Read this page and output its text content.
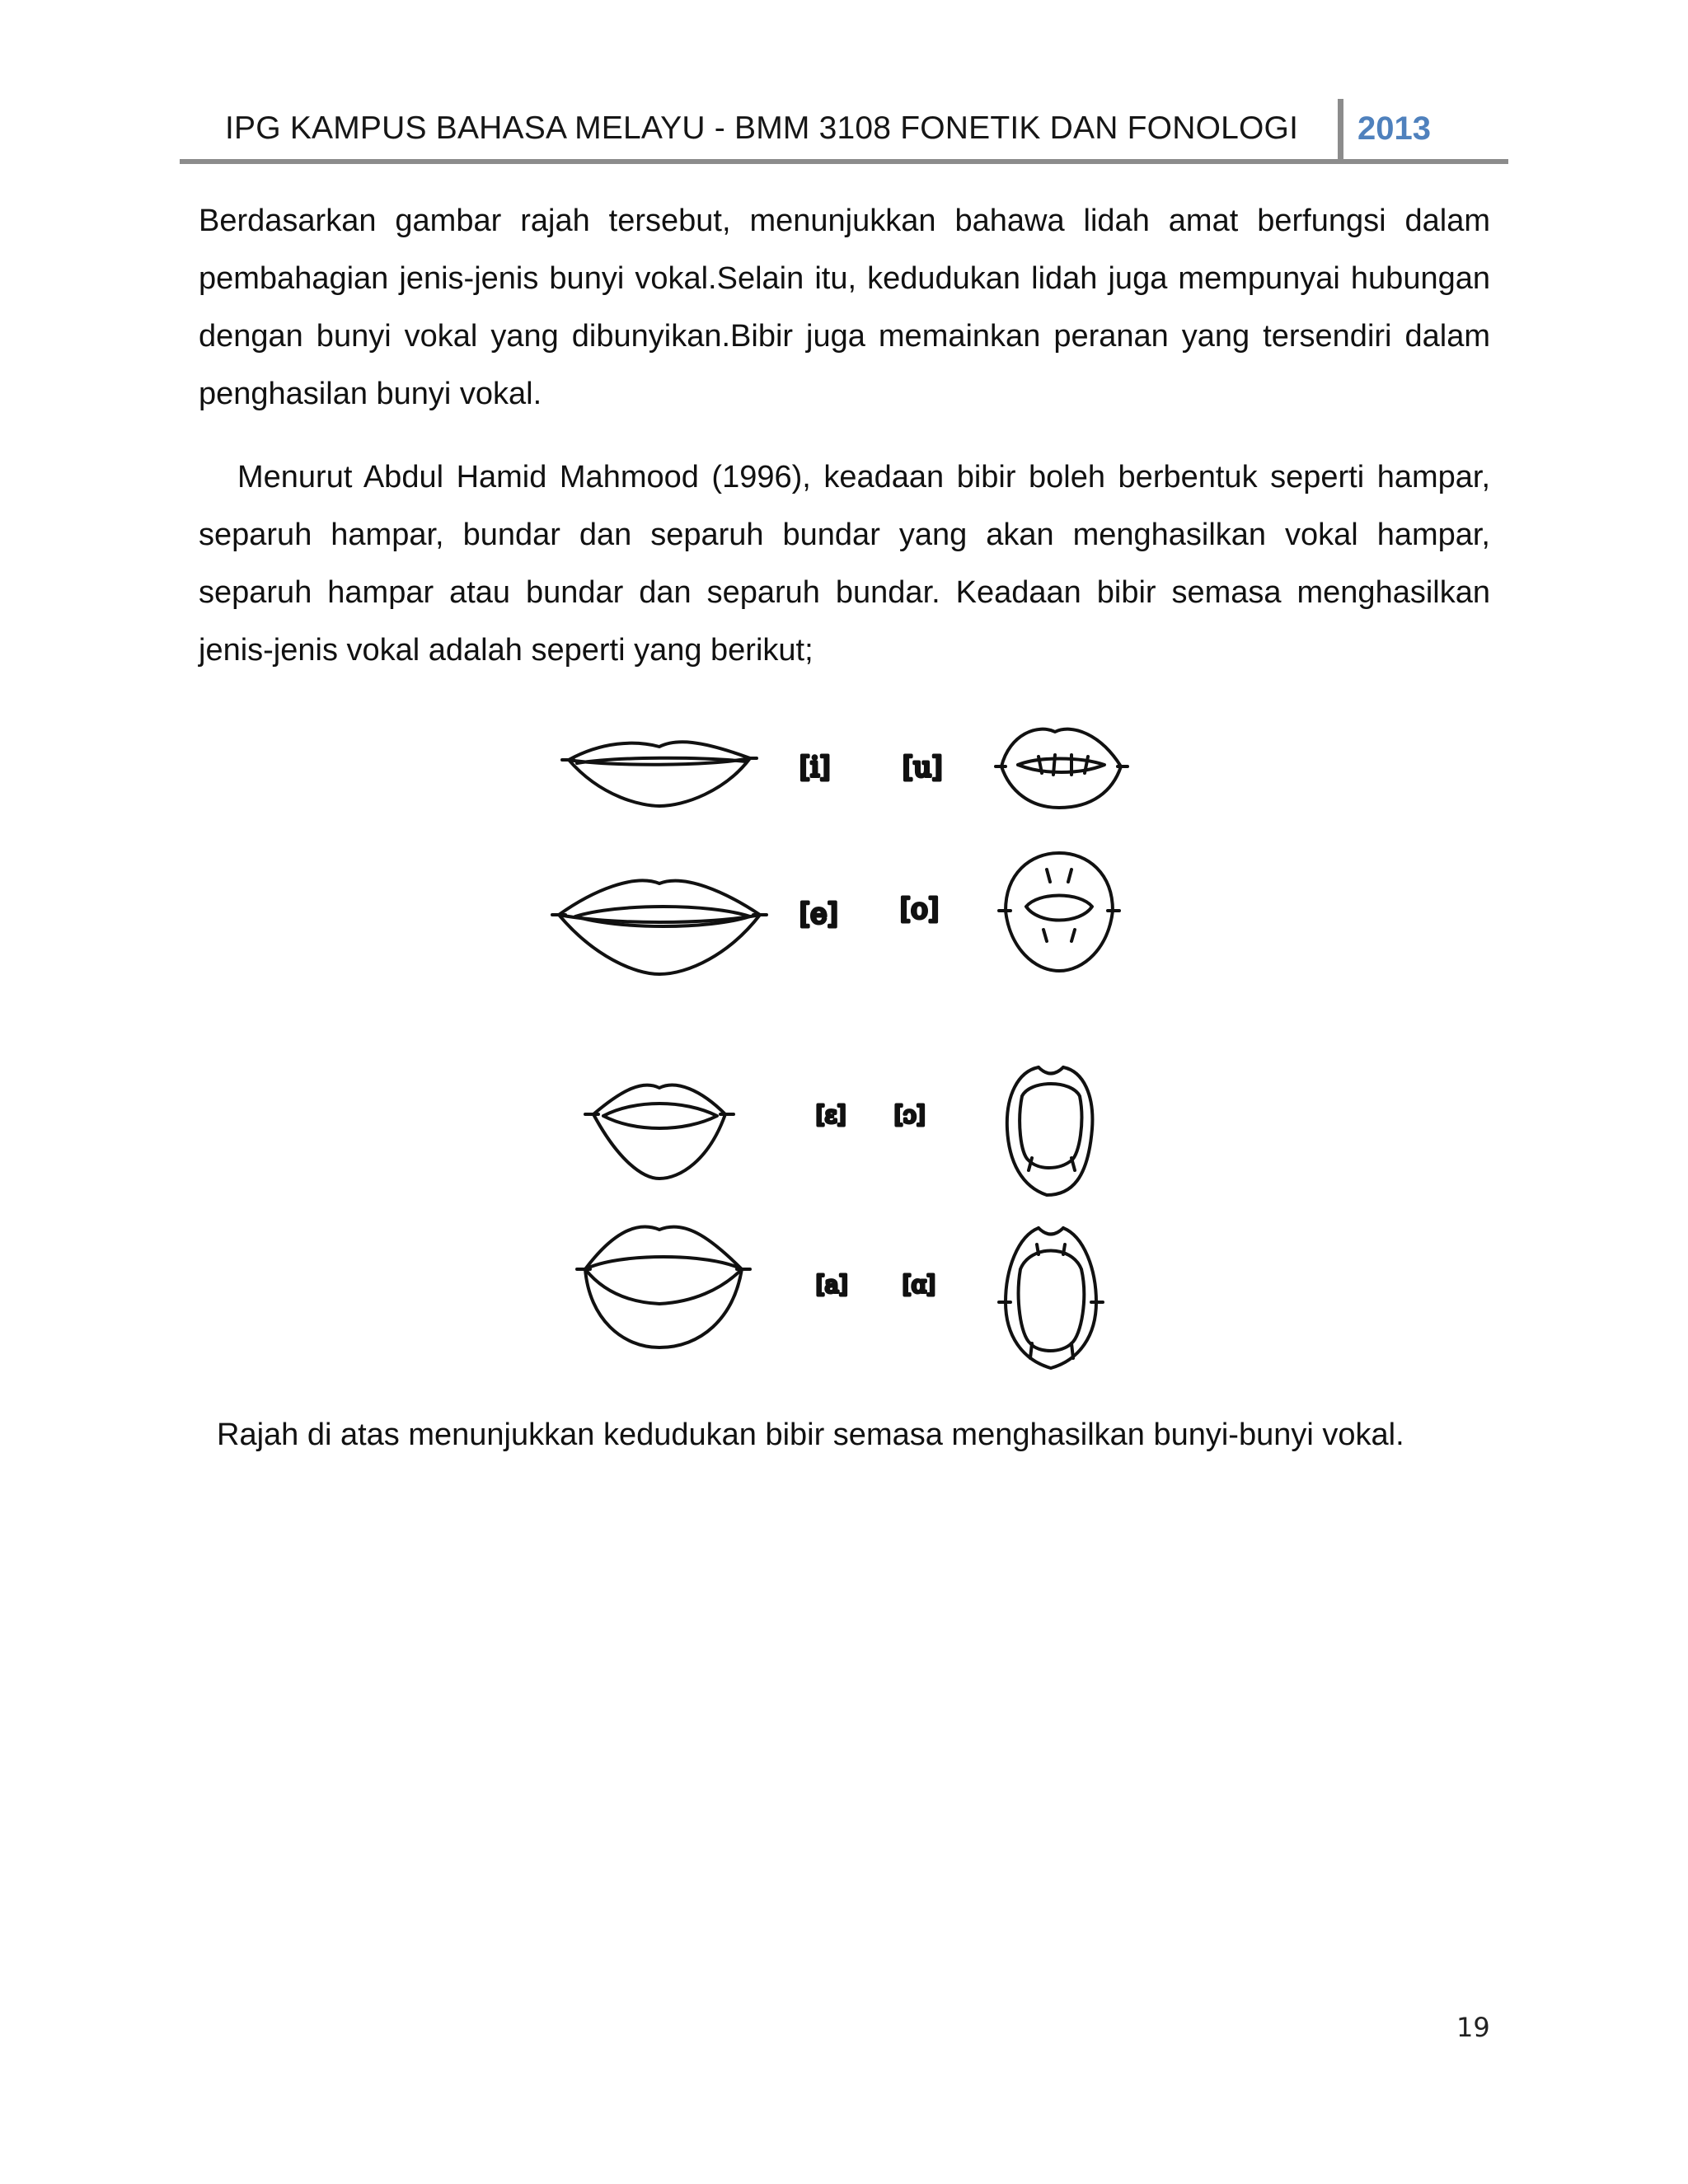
IPG KAMPUS BAHASA MELAYU - BMM 3108 FONETIK DAN FONOLOGI 2013
Berdasarkan gambar rajah tersebut, menunjukkan bahawa lidah amat berfungsi dalam pembahagian jenis-jenis bunyi vokal.Selain itu, kedudukan lidah juga mempunyai hubungan dengan bunyi vokal yang dibunyikan.Bibir juga memainkan peranan yang tersendiri dalam penghasilan bunyi vokal.
Menurut Abdul Hamid Mahmood (1996), keadaan bibir boleh berbentuk seperti hampar, separuh hampar, bundar dan separuh bundar yang akan menghasilkan vokal hampar, separuh hampar atau bundar dan separuh bundar. Keadaan bibir semasa menghasilkan jenis-jenis vokal adalah seperti yang berikut;
[i]	[u]
[e] [o]
[ε] [ɔ]
[a] [ɑ]
Rajah di atas menunjukkan kedudukan bibir semasa menghasilkan bunyi-bunyi vokal.
19
